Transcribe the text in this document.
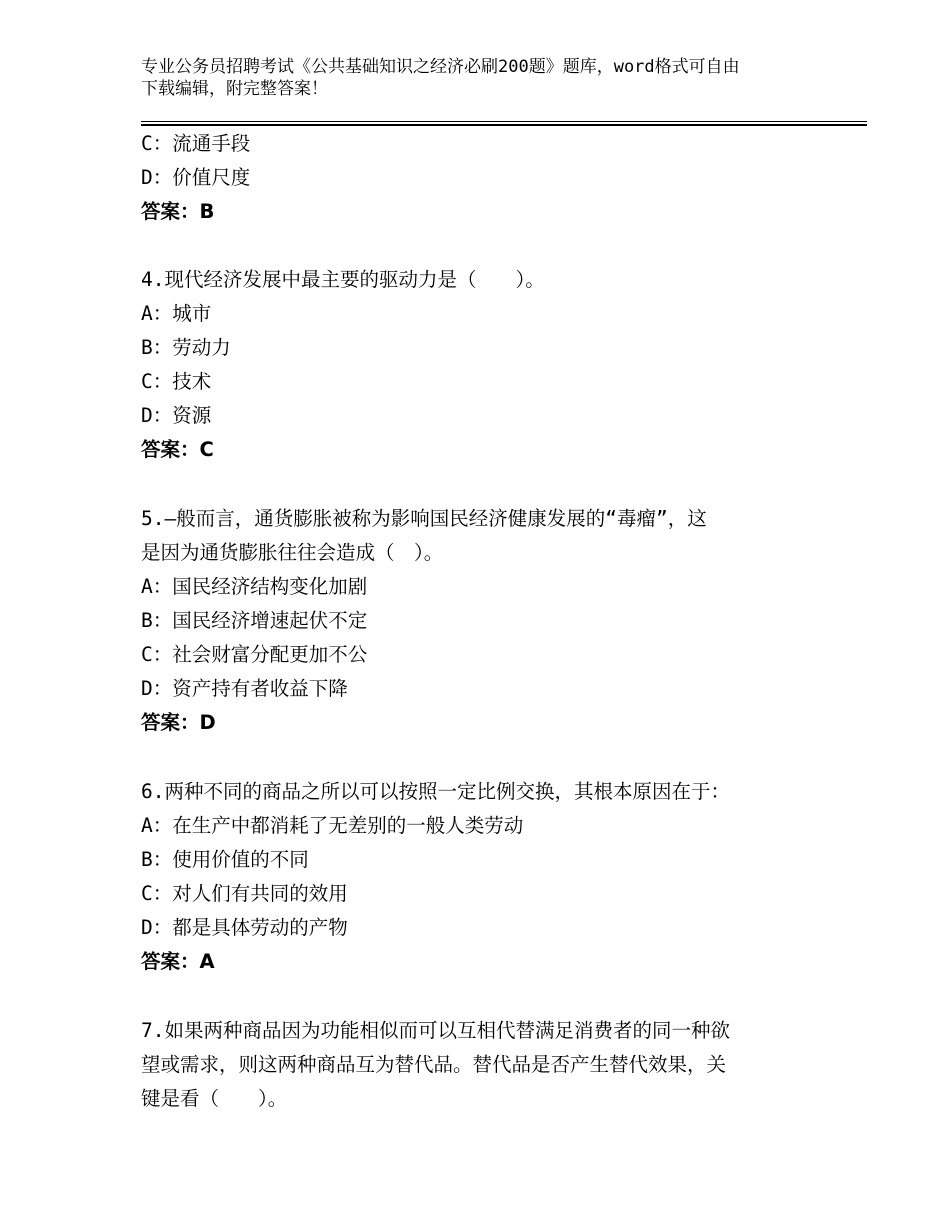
专业公务员招聘考试《公共基础知识之经济必刷200题》题库，word格式可自由
下载编辑，附完整答案！
C：流通手段
D：价值尺度
答案：B
4.现代经济发展中最主要的驱动力是（　　）。
A：城市
B：劳动力
C：技术
D：资源
答案：C
5.—般而言，通货膨胀被称为影响国民经济健康发展的“毒瘤”，这
是因为通货膨胀往往会造成（　）。
A：国民经济结构变化加剧
B：国民经济增速起伏不定
C：社会财富分配更加不公
D：资产持有者收益下降
答案：D
6.两种不同的商品之所以可以按照一定比例交换，其根本原因在于：
A：在生产中都消耗了无差别的一般人类劳动
B：使用价值的不同
C：对人们有共同的效用
D：都是具体劳动的产物
答案：A
7.如果两种商品因为功能相似而可以互相代替满足消费者的同一种欲
望或需求，则这两种商品互为替代品。替代品是否产生替代效果，关
键是看（　　）。
